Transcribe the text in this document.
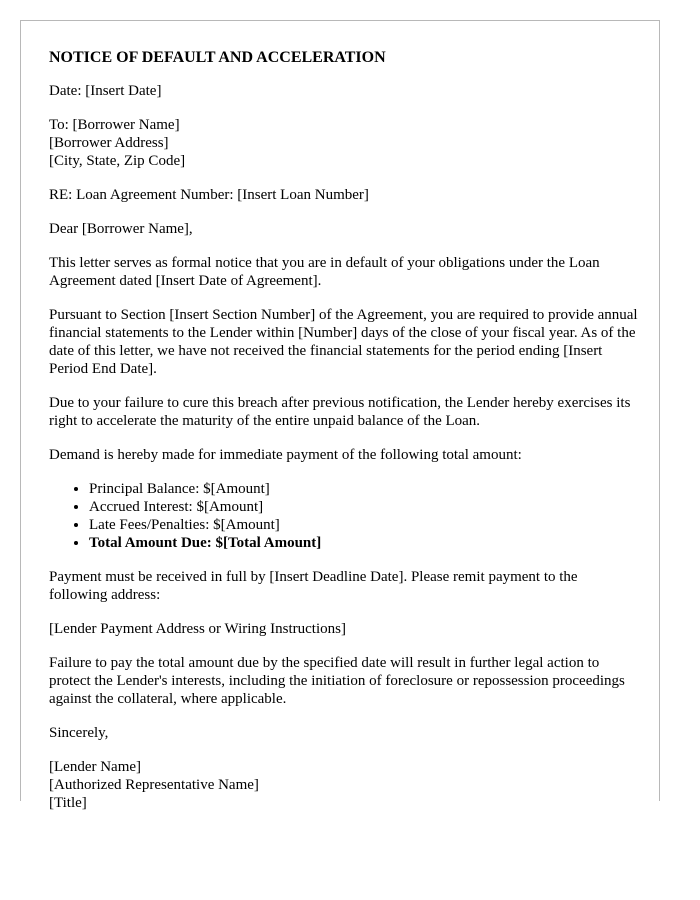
NOTICE OF DEFAULT AND ACCELERATION

Date: [Insert Date]

To: [Borrower Name]
[Borrower Address]
[City, State, Zip Code]

RE: Loan Agreement Number: [Insert Loan Number]

Dear [Borrower Name],

This letter serves as formal notice that you are in default of your obligations under the Loan Agreement dated [Insert Date of Agreement].

Pursuant to Section [Insert Section Number] of the Agreement, you are required to provide annual financial statements to the Lender within [Number] days of the close of your fiscal year. As of the date of this letter, we have not received the financial statements for the period ending [Insert Period End Date].

Due to your failure to cure this breach after previous notification, the Lender hereby exercises its right to accelerate the maturity of the entire unpaid balance of the Loan.

Demand is hereby made for immediate payment of the following total amount:

• Principal Balance: $[Amount]
• Accrued Interest: $[Amount]
• Late Fees/Penalties: $[Amount]
• Total Amount Due: $[Total Amount]

Payment must be received in full by [Insert Deadline Date]. Please remit payment to the following address:

[Lender Payment Address or Wiring Instructions]

Failure to pay the total amount due by the specified date will result in further legal action to protect the Lender's interests, including the initiation of foreclosure or repossession proceedings against the collateral, where applicable.

Sincerely,

[Lender Name]
[Authorized Representative Name]
[Title]
